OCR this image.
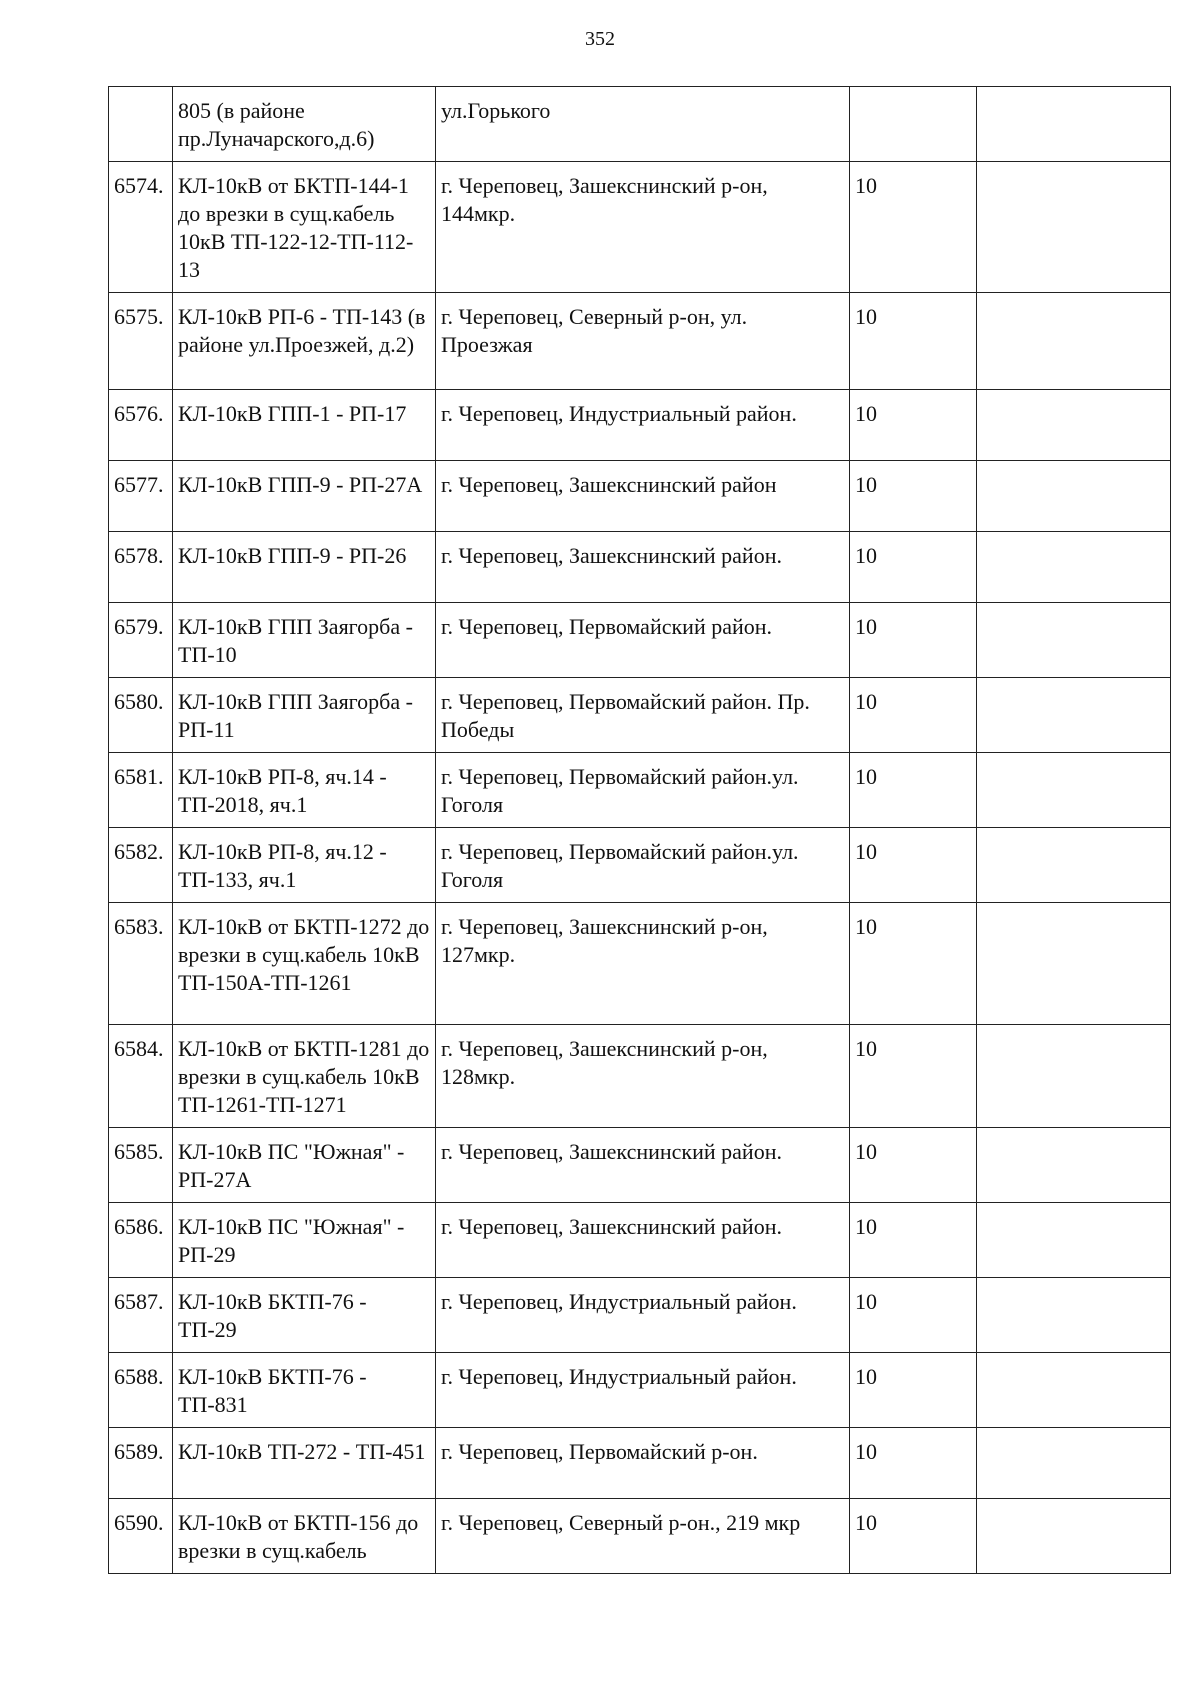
352
	805 (в районе пр.Луначарского,д.6)	ул.Горького		
6574.	КЛ-10кВ от БКТП-144-1 до врезки в сущ.кабель 10кВ ТП-122-12-ТП-112-13	г. Череповец, Зашекснинский р-он, 144мкр.	10	
6575.	КЛ-10кВ РП-6 - ТП-143 (в районе ул.Проезжей, д.2)	г. Череповец, Северный р-он, ул. Проезжая	10	
6576.	КЛ-10кВ ГПП-1 - РП-17	г. Череповец, Индустриальный район.	10	
6577.	КЛ-10кВ ГПП-9 - РП-27А	г. Череповец, Зашекснинский район	10	
6578.	КЛ-10кВ ГПП-9 - РП-26	г. Череповец, Зашекснинский район.	10	
6579.	КЛ-10кВ ГПП Заягорба - ТП-10	г. Череповец, Первомайский район.	10	
6580.	КЛ-10кВ ГПП Заягорба - РП-11	г. Череповец, Первомайский район. Пр. Победы	10	
6581.	КЛ-10кВ РП-8, яч.14 - ТП-2018, яч.1	г. Череповец, Первомайский район.ул. Гоголя	10	
6582.	КЛ-10кВ РП-8, яч.12 - ТП-133, яч.1	г. Череповец, Первомайский район.ул. Гоголя	10	
6583.	КЛ-10кВ от БКТП-1272 до врезки в сущ.кабель 10кВ ТП-150А-ТП-1261	г. Череповец, Зашекснинский р-он, 127мкр.	10	
6584.	КЛ-10кВ от БКТП-1281 до врезки в сущ.кабель 10кВ ТП-1261-ТП-1271	г. Череповец, Зашекснинский р-он, 128мкр.	10	
6585.	КЛ-10кВ ПС "Южная" - РП-27А	г. Череповец, Зашекснинский район.	10	
6586.	КЛ-10кВ ПС "Южная" - РП-29	г. Череповец, Зашекснинский район.	10	
6587.	КЛ-10кВ БКТП-76 - ТП-29	г. Череповец, Индустриальный район.	10	
6588.	КЛ-10кВ БКТП-76 - ТП-831	г. Череповец, Индустриальный район.	10	
6589.	КЛ-10кВ ТП-272 - ТП-451	г. Череповец, Первомайский р-он.	10	
6590.	КЛ-10кВ от БКТП-156 до врезки в сущ.кабель	г. Череповец, Северный р-он., 219 мкр	10	
